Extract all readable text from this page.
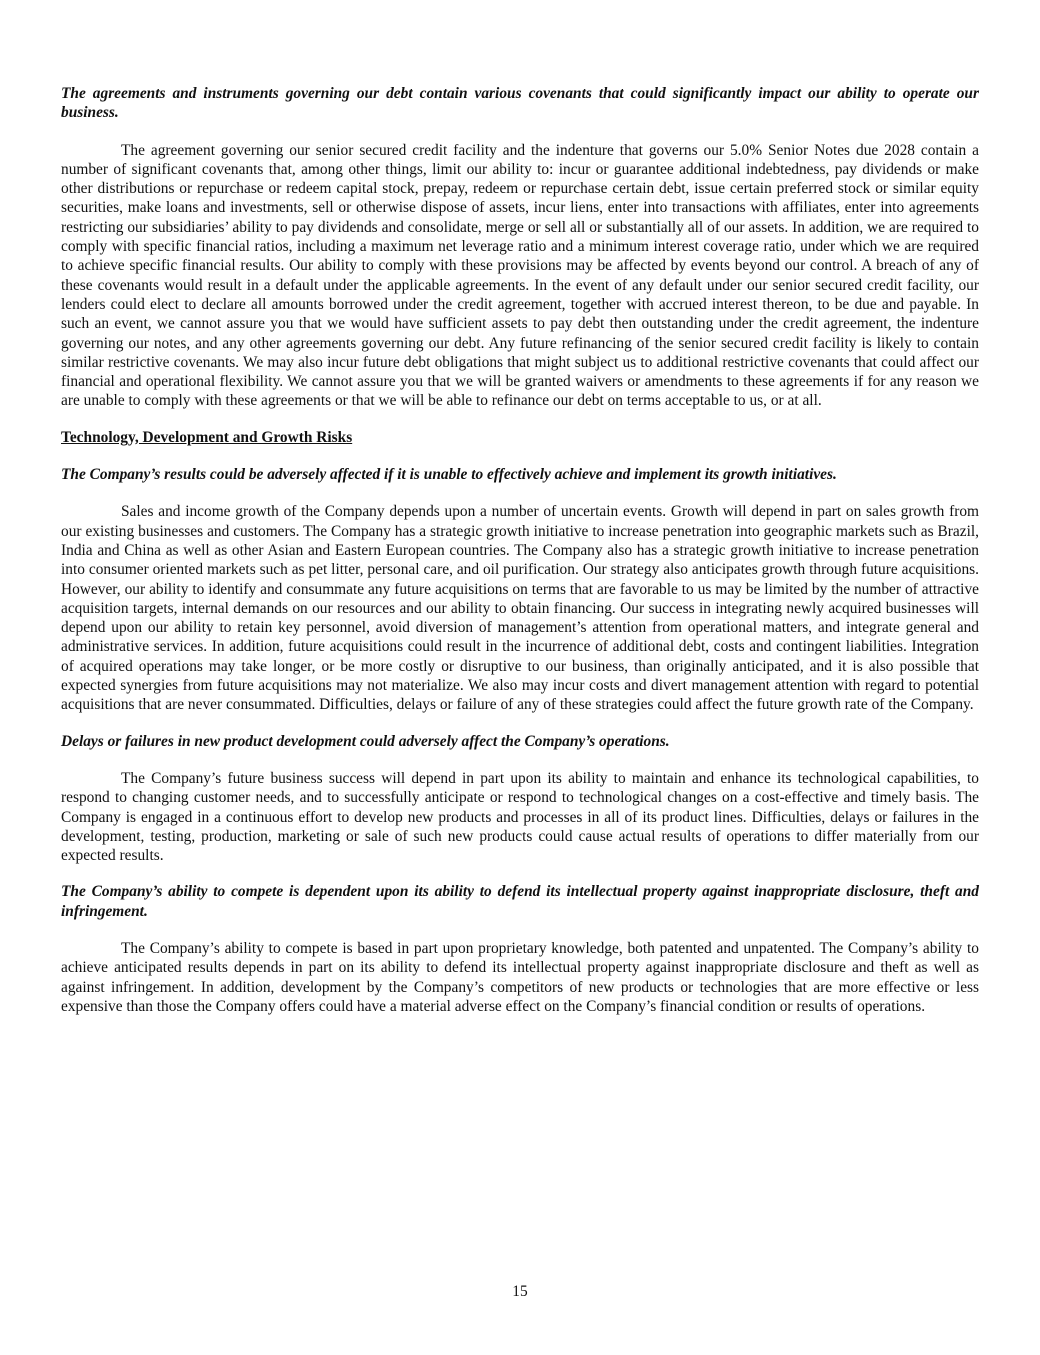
The agreements and instruments governing our debt contain various covenants that could significantly impact our ability to operate our business.

The agreement governing our senior secured credit facility and the indenture that governs our 5.0% Senior Notes due 2028 contain a number of significant covenants that, among other things, limit our ability to: incur or guarantee additional indebtedness, pay dividends or make other distributions or repurchase or redeem capital stock, prepay, redeem or repurchase certain debt, issue certain preferred stock or similar equity securities, make loans and investments, sell or otherwise dispose of assets, incur liens, enter into transactions with affiliates, enter into agreements restricting our subsidiaries’ ability to pay dividends and consolidate, merge or sell all or substantially all of our assets. In addition, we are required to comply with specific financial ratios, including a maximum net leverage ratio and a minimum interest coverage ratio, under which we are required to achieve specific financial results. Our ability to comply with these provisions may be affected by events beyond our control. A breach of any of these covenants would result in a default under the applicable agreements. In the event of any default under our senior secured credit facility, our lenders could elect to declare all amounts borrowed under the credit agreement, together with accrued interest thereon, to be due and payable. In such an event, we cannot assure you that we would have sufficient assets to pay debt then outstanding under the credit agreement, the indenture governing our notes, and any other agreements governing our debt. Any future refinancing of the senior secured credit facility is likely to contain similar restrictive covenants. We may also incur future debt obligations that might subject us to additional restrictive covenants that could affect our financial and operational flexibility. We cannot assure you that we will be granted waivers or amendments to these agreements if for any reason we are unable to comply with these agreements or that we will be able to refinance our debt on terms acceptable to us, or at all.

Technology, Development and Growth Risks

The Company’s results could be adversely affected if it is unable to effectively achieve and implement its growth initiatives.

Sales and income growth of the Company depends upon a number of uncertain events. Growth will depend in part on sales growth from our existing businesses and customers. The Company has a strategic growth initiative to increase penetration into geographic markets such as Brazil, India and China as well as other Asian and Eastern European countries. The Company also has a strategic growth initiative to increase penetration into consumer oriented markets such as pet litter, personal care, and oil purification. Our strategy also anticipates growth through future acquisitions. However, our ability to identify and consummate any future acquisitions on terms that are favorable to us may be limited by the number of attractive acquisition targets, internal demands on our resources and our ability to obtain financing. Our success in integrating newly acquired businesses will depend upon our ability to retain key personnel, avoid diversion of management’s attention from operational matters, and integrate general and administrative services. In addition, future acquisitions could result in the incurrence of additional debt, costs and contingent liabilities. Integration of acquired operations may take longer, or be more costly or disruptive to our business, than originally anticipated, and it is also possible that expected synergies from future acquisitions may not materialize. We also may incur costs and divert management attention with regard to potential acquisitions that are never consummated. Difficulties, delays or failure of any of these strategies could affect the future growth rate of the Company.

Delays or failures in new product development could adversely affect the Company’s operations.

The Company’s future business success will depend in part upon its ability to maintain and enhance its technological capabilities, to respond to changing customer needs, and to successfully anticipate or respond to technological changes on a cost-effective and timely basis. The Company is engaged in a continuous effort to develop new products and processes in all of its product lines. Difficulties, delays or failures in the development, testing, production, marketing or sale of such new products could cause actual results of operations to differ materially from our expected results.

The Company’s ability to compete is dependent upon its ability to defend its intellectual property against inappropriate disclosure, theft and infringement.

The Company’s ability to compete is based in part upon proprietary knowledge, both patented and unpatented. The Company’s ability to achieve anticipated results depends in part on its ability to defend its intellectual property against inappropriate disclosure and theft as well as against infringement. In addition, development by the Company’s competitors of new products or technologies that are more effective or less expensive than those the Company offers could have a material adverse effect on the Company’s financial condition or results of operations.

15
